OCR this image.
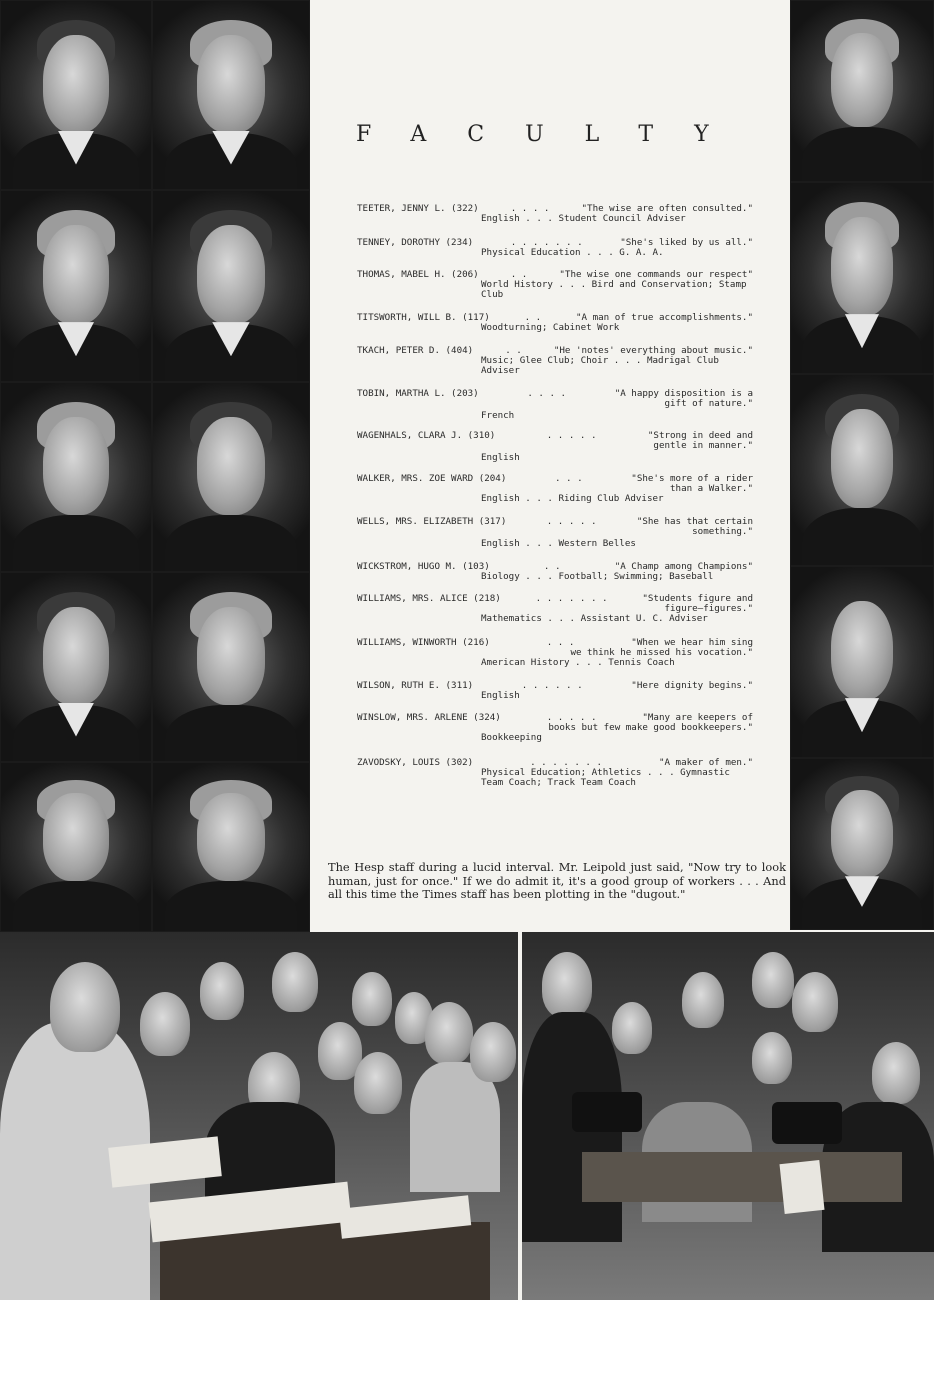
FACULTY
TEETER, JENNY L. (322)	. . . .	"The wise are often consulted."
English . . . Student Council Adviser
TENNEY, DOROTHY (234)	. . . . . . .	"She's liked by us all."
Physical Education . . . G. A. A.
THOMAS, MABEL H. (206)	. .	"The wise one commands our respect"
World History . . . Bird and Conservation; Stamp Club
TITSWORTH, WILL B. (117)	. .	"A man of true accomplishments."
Woodturning; Cabinet Work
TKACH, PETER D. (404)	. .	"He 'notes' everything about music."
Music; Glee Club; Choir . . . Madrigal Club Adviser
TOBIN, MARTHA L. (203)	. . . .	"A happy disposition is a
gift of nature."
French
WAGENHALS, CLARA J. (310)	. . . . .	"Strong in deed and
gentle in manner."
English
WALKER, MRS. ZOE WARD (204)	. . .	"She's more of a rider
than a Walker."
English . . . Riding Club Adviser
WELLS, MRS. ELIZABETH (317)	. . . . .	"She has that certain
something."
English . . . Western Belles
WICKSTROM, HUGO M. (103)	. .	"A Champ among Champions"
Biology . . . Football; Swimming; Baseball
WILLIAMS, MRS. ALICE (218)	. . . . . . .	"Students figure and
figure—figures."
Mathematics . . . Assistant U. C. Adviser
WILLIAMS, WINWORTH (216)	. . .	"When we hear him sing
we think he missed his vocation."
American History . . . Tennis Coach
WILSON, RUTH E. (311)	. . . . . .	"Here dignity begins."
English
WINSLOW, MRS. ARLENE (324)	. . . . .	"Many are keepers of
books but few make good bookkeepers."
Bookkeeping
ZAVODSKY, LOUIS (302)	. . . . . . .	"A maker of men."
Physical Education; Athletics . . . Gymnastic Team Coach; Track Team Coach
The Hesp staff during a lucid interval. Mr. Leipold just said, "Now try to look human, just for once." If we do admit it, it's a good group of workers . . . And all this time the Times staff has been plotting in the "dugout."
